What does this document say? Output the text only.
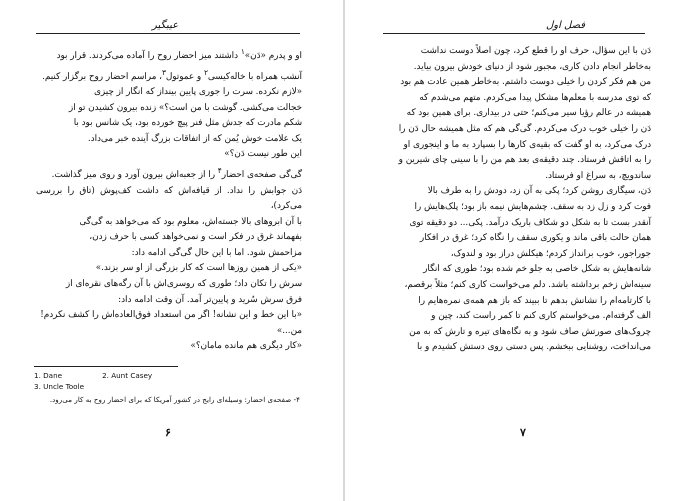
عیبگیر

او و پدرم «دَن»$^۱$ داشتند میز احضار روح را آماده می‌کردند. قرار بود

آنشب همراه با خاله‌کیسی$^۲$ و عموتول$^۳$، مراسم احضار روح برگزار کنیم.

«لازم نکرده. سرت را جوری پایین بینداز که انگار از چیزی

خجالت می‌کشی. گوشت با من است؟» زنده بیرون کشیدن تو از

شکم مادرت که جدش مثل فنر پیچ خورده بود، یک شانس بود با

یک علامت خوش یُمن که از اتفاقات بزرگ آینده خبر می‌داد.

این طور نیست دَن؟»

گی‌گی صفحه‌ی احضار$^۴$ را از جعبه‌اش بیرون آورد و روی میز گذاشت.

دَن جوابش را نداد. از قیافه‌اش که داشت کف‌پوش (تاق را بررسی می‌کرد)،

با آن ابروهای بالا جسته‌اش، معلوم بود که می‌خواهد به گی‌گی

بفهماند غرق در فکر است و نمی‌خواهد کسی با حرف زدن،

مزاحمش شود. اما با این حال گی‌گی ادامه داد:

«یکی از همین روزها است که کار بزرگی از او سر بزند.»

سرش را تکان داد؛ طوری که روسری‌اش با آن رگه‌های نقره‌ای از

فرق سرش سُرید و پایین‌تر آمد. آن وقت ادامه داد:

«با این خط و این نشانه! اگر من استعداد فوق‌العاده‌اش را کشف نکردم!

من...»

«کار دیگری هم مانده مامان؟»

1. Dane	2. Aunt Casey
3. Uncle Toole
۴- صفحه‌ی احضار: وسیله‌ای رایج در کشور آمریکا که برای احضار روح به کار می‌رود.
۶
فصل اول

دَن با این سؤال، حرف او را قطع کرد، چون اصلاً دوست نداشت

به‌خاطر انجام دادن کاری، مجبور شود از دنیای خودش بیرون بیاید.

من هم فکر کردن را خیلی دوست داشتم. به‌خاطر همین عادت هم بود

که توی مدرسه با معلم‌ها مشکل پیدا می‌کردم. متهم می‌شدم که

همیشه در عالم رؤیا سیر می‌کنم؛ حتی در بیداری. برای همین بود که

دَن را خیلی خوب درک می‌کردم. گی‌گی هم که مثل همیشه حال دَن را

درک می‌کرد، به او گفت که بقیه‌ی کارها را بسپارد به ما و اینجوری او

را به اتاقش فرستاد. چند دقیقه‌ی بعد هم من را با سینی چای شیرین و

ساندویچ، به سراغ او فرستاد.

دَن، سیگاری روشن کرد؛ پکی به آن زد، دودش را به طرف بالا

فوت کرد و زل زد به سقف. چشم‌هایش نیمه باز بود؛ پلک‌هایش را

آنقدر بست تا به شکل دو شکاف باریک درآمد. پکی... دو دقیقه توی

همان حالت باقی ماند و یکوری سقف را نگاه کرد؛ غرق در افکار

جوراجور، خوب برانداز کردم؛ هیکلش دراز بود و لندوک،

شانه‌هایش به شکل خاصی به جلو خم شده بود؛ طوری که انگار

سینه‌اش زخم برداشته باشد. دلم می‌خواست کاری کنم؛ مثلاً برقصم،

با کارتامه‌ام را نشانش بدهم تا ببیند که باز هم همه‌ی نمره‌هایم را

الف گرفته‌ام. می‌خواستم کاری کنم تا کمر راست کند، چین و

چروک‌های صورتش صاف شود و به نگاه‌های تیره و تارش که به من

می‌انداخت، روشنایی ببخشم. پس دستی روی دستش کشیدم و با

۷
